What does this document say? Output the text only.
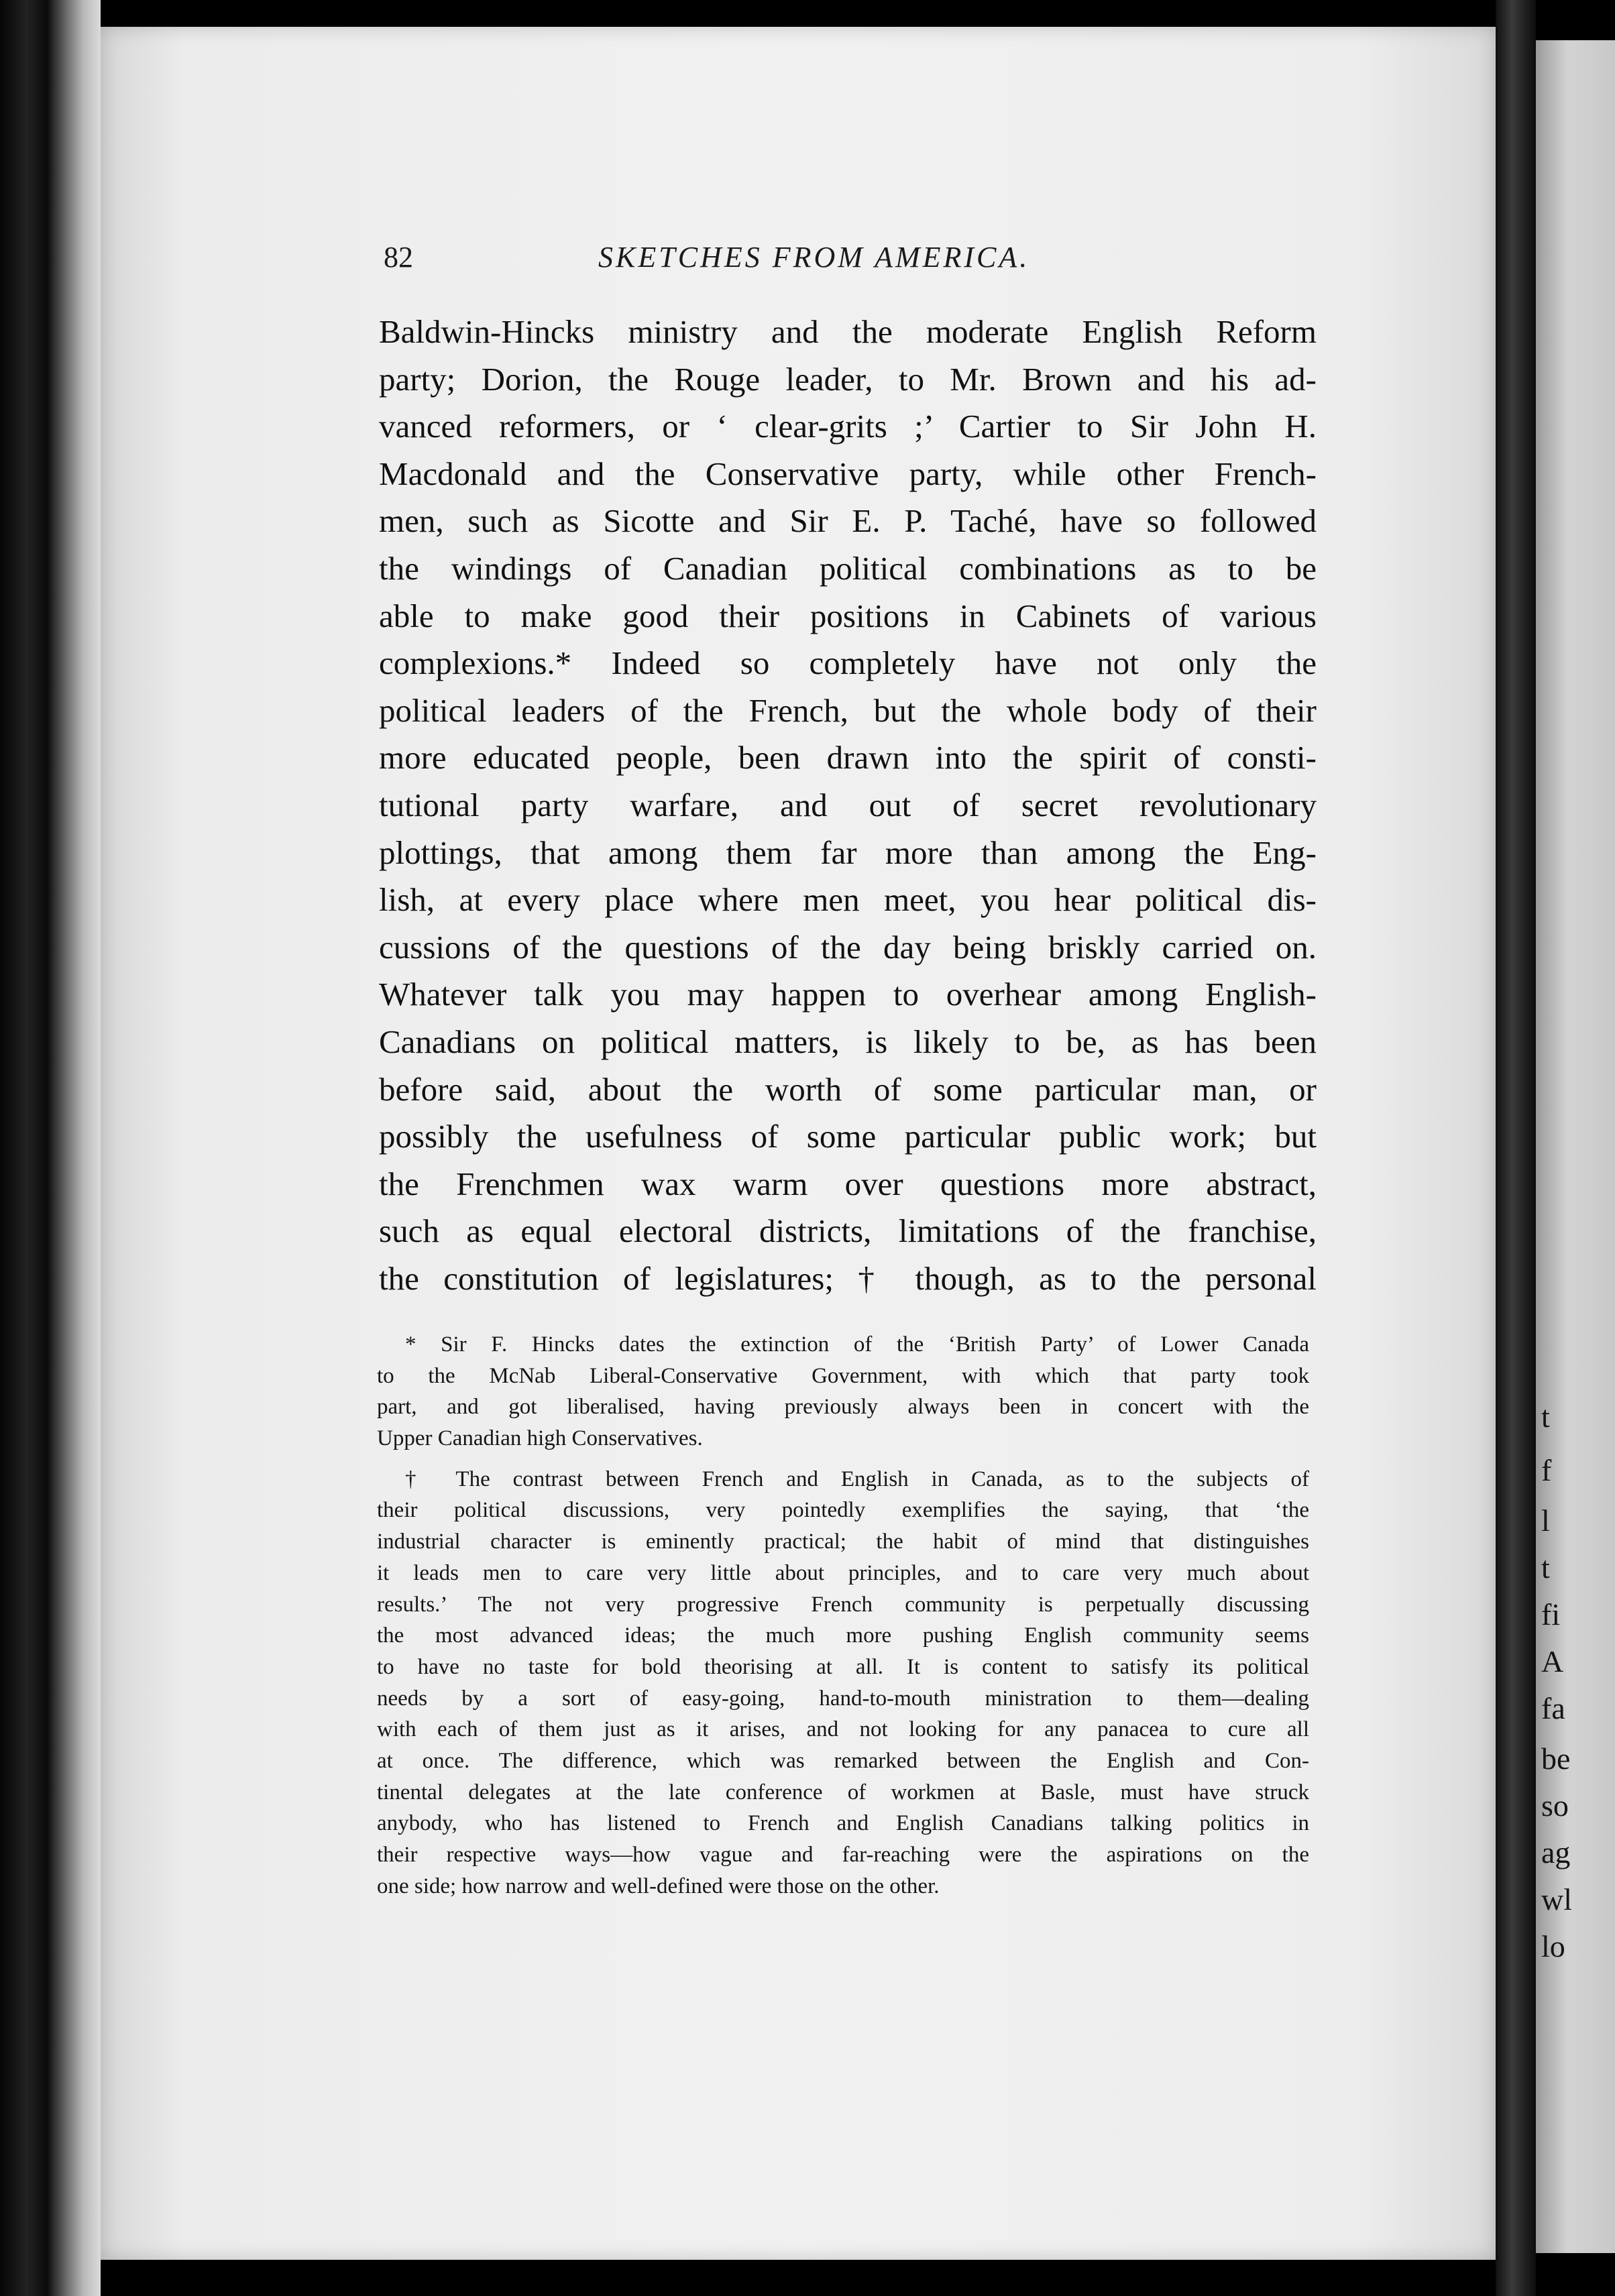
82	SKETCHES FROM AMERICA.
Baldwin-Hincks ministry and the moderate English Reform
party; Dorion, the Rouge leader, to Mr. Brown and his ad-
vanced reformers, or ‘ clear-grits ;’ Cartier to Sir John H.
Macdonald and the Conservative party, while other French-
men, such as Sicotte and Sir E. P. Taché, have so followed
the windings of Canadian political combinations as to be
able to make good their positions in Cabinets of various
complexions.* Indeed so completely have not only the
political leaders of the French, but the whole body of their
more educated people, been drawn into the spirit of consti-
tutional party warfare, and out of secret revolutionary
plottings, that among them far more than among the Eng-
lish, at every place where men meet, you hear political dis-
cussions of the questions of the day being briskly carried on.
Whatever talk you may happen to overhear among English-
Canadians on political matters, is likely to be, as has been
before said, about the worth of some particular man, or
possibly the usefulness of some particular public work; but
the Frenchmen wax warm over questions more abstract,
such as equal electoral districts, limitations of the franchise,
the constitution of legislatures; † though, as to the personal
* Sir F. Hincks dates the extinction of the ‘British Party’ of Lower Canada
to the McNab Liberal-Conservative Government, with which that party took
part, and got liberalised, having previously always been in concert with the
Upper Canadian high Conservatives.
† The contrast between French and English in Canada, as to the subjects of
their political discussions, very pointedly exemplifies the saying, that ‘the
industrial character is eminently practical; the habit of mind that distinguishes
it leads men to care very little about principles, and to care very much about
results.’ The not very progressive French community is perpetually discussing
the most advanced ideas; the much more pushing English community seems
to have no taste for bold theorising at all. It is content to satisfy its political
needs by a sort of easy-going, hand-to-mouth ministration to them—dealing
with each of them just as it arises, and not looking for any panacea to cure all
at once. The difference, which was remarked between the English and Con-
tinental delegates at the late conference of workmen at Basle, must have struck
anybody, who has listened to French and English Canadians talking politics in
their respective ways—how vague and far-reaching were the aspirations on the
one side; how narrow and well-defined were those on the other.
t
f
l
t
fi
A
fa
be
so
ag
wl
lo
